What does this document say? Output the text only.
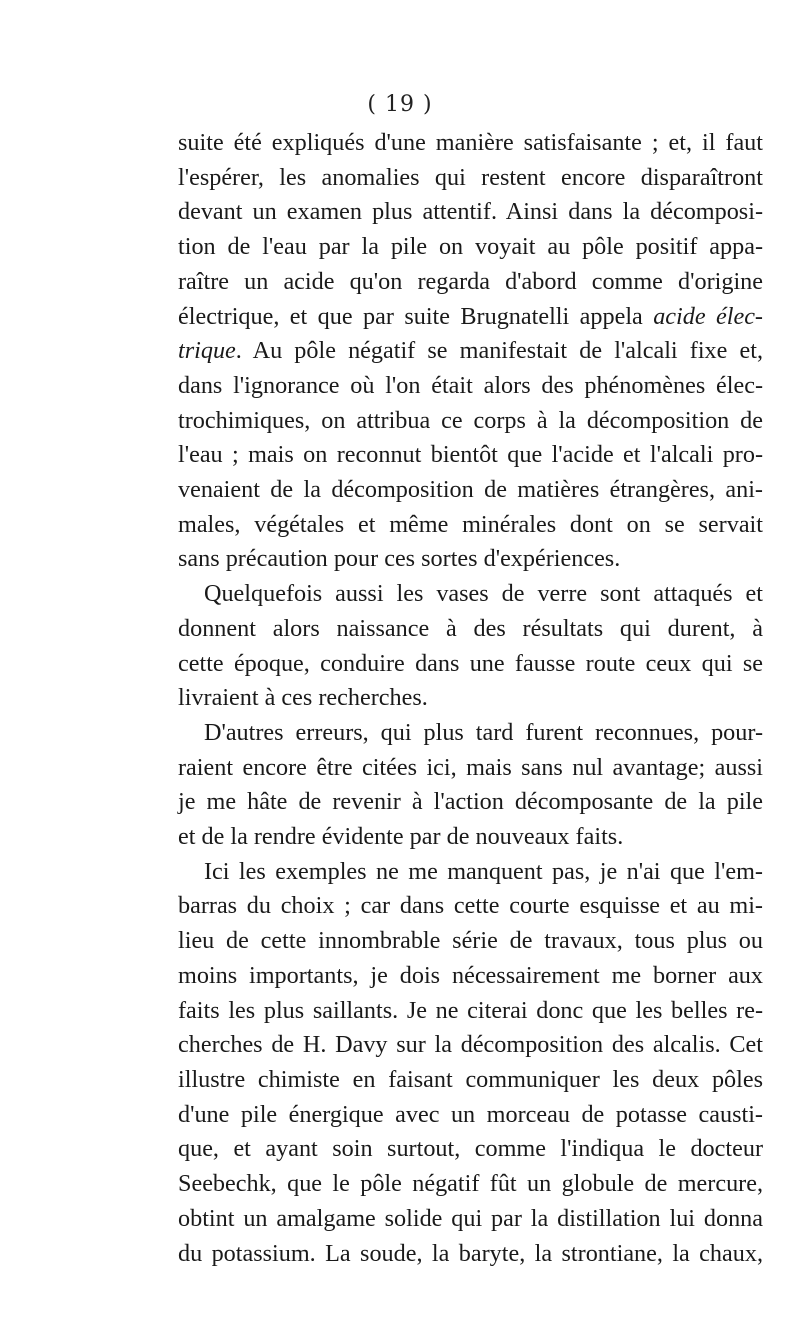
( 19 )

suite été expliqués d'une manière satisfaisante ; et, il faut
l'espérer, les anomalies qui restent encore disparaîtront
devant un examen plus attentif. Ainsi dans la décomposi-
tion de l'eau par la pile on voyait au pôle positif appa-
raître un acide qu'on regarda d'abord comme d'origine
électrique, et que par suite Brugnatelli appela acide élec-
trique. Au pôle négatif se manifestait de l'alcali fixe et,
dans l'ignorance où l'on était alors des phénomènes élec-
trochimiques, on attribua ce corps à la décomposition de
l'eau ; mais on reconnut bientôt que l'acide et l'alcali pro-
venaient de la décomposition de matières étrangères, ani-
males, végétales et même minérales dont on se servait
sans précaution pour ces sortes d'expériences.

Quelquefois aussi les vases de verre sont attaqués et
donnent alors naissance à des résultats qui durent, à
cette époque, conduire dans une fausse route ceux qui se
livraient à ces recherches.

D'autres erreurs, qui plus tard furent reconnues, pour-
raient encore être citées ici, mais sans nul avantage; aussi
je me hâte de revenir à l'action décomposante de la pile
et de la rendre évidente par de nouveaux faits.

Ici les exemples ne me manquent pas, je n'ai que l'em-
barras du choix ; car dans cette courte esquisse et au mi-
lieu de cette innombrable série de travaux, tous plus ou
moins importants, je dois nécessairement me borner aux
faits les plus saillants. Je ne citerai donc que les belles re-
cherches de H. Davy sur la décomposition des alcalis. Cet
illustre chimiste en faisant communiquer les deux pôles
d'une pile énergique avec un morceau de potasse causti-
que, et ayant soin surtout, comme l'indiqua le docteur
Seebechk, que le pôle négatif fût un globule de mercure,
obtint un amalgame solide qui par la distillation lui donna
du potassium. La soude, la baryte, la strontiane, la chaux,
